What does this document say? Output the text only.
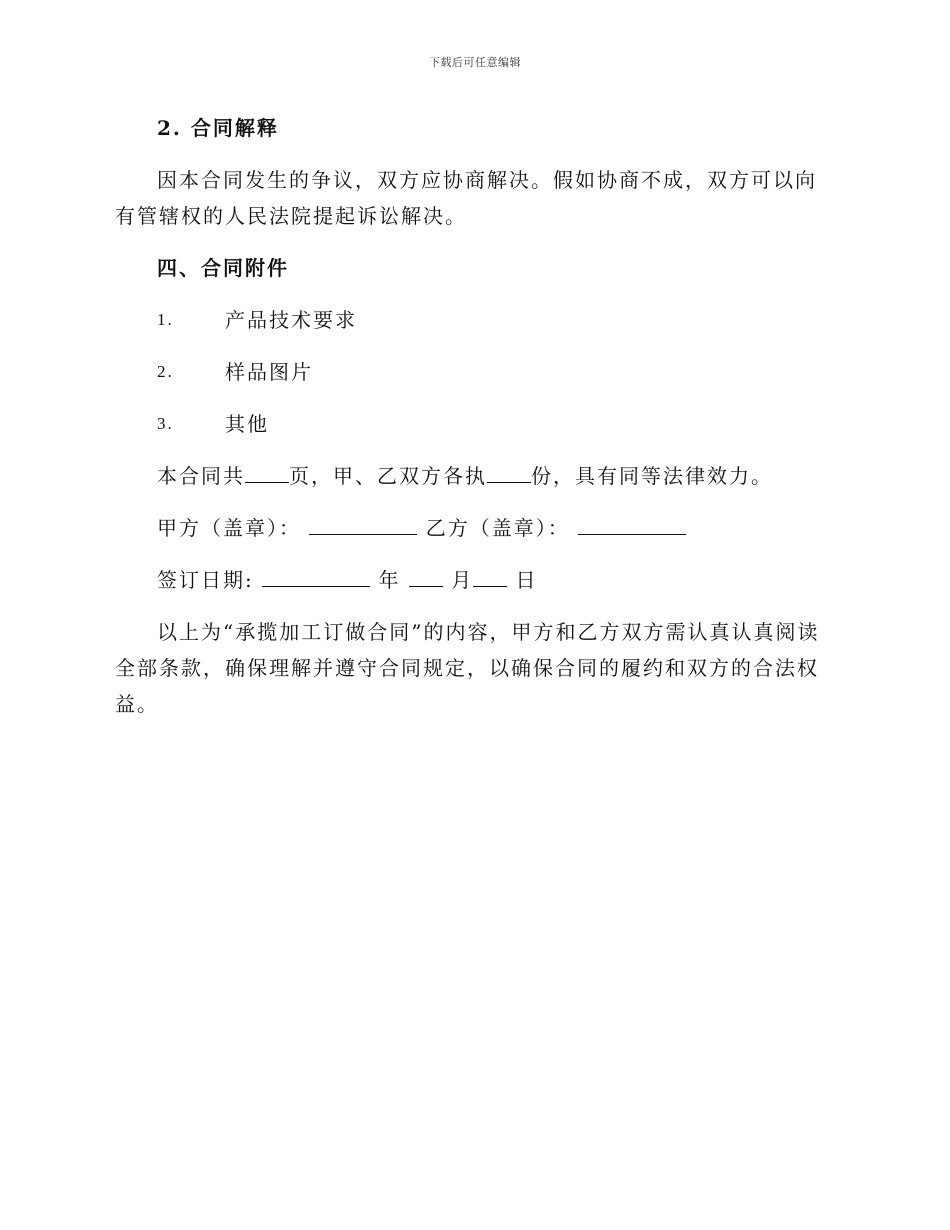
下载后可任意编辑
2. 合同解释

因本合同发生的争议，双方应协商解决。假如协商不成，双方可以向有管辖权的人民法院提起诉讼解决。

四、合同附件
1.	产品技术要求
2.	样品图片
3.	其他
本合同共 页，甲、乙双方各执 份，具有同等法律效力。
甲方（盖章）：	乙方（盖章）：
签订日期:	年	月 日

以上为“承揽加工订做合同”的内容，甲方和乙方双方需认真认真阅读全部条款，确保理解并遵守合同规定，以确保合同的履约和双方的合法权益。
